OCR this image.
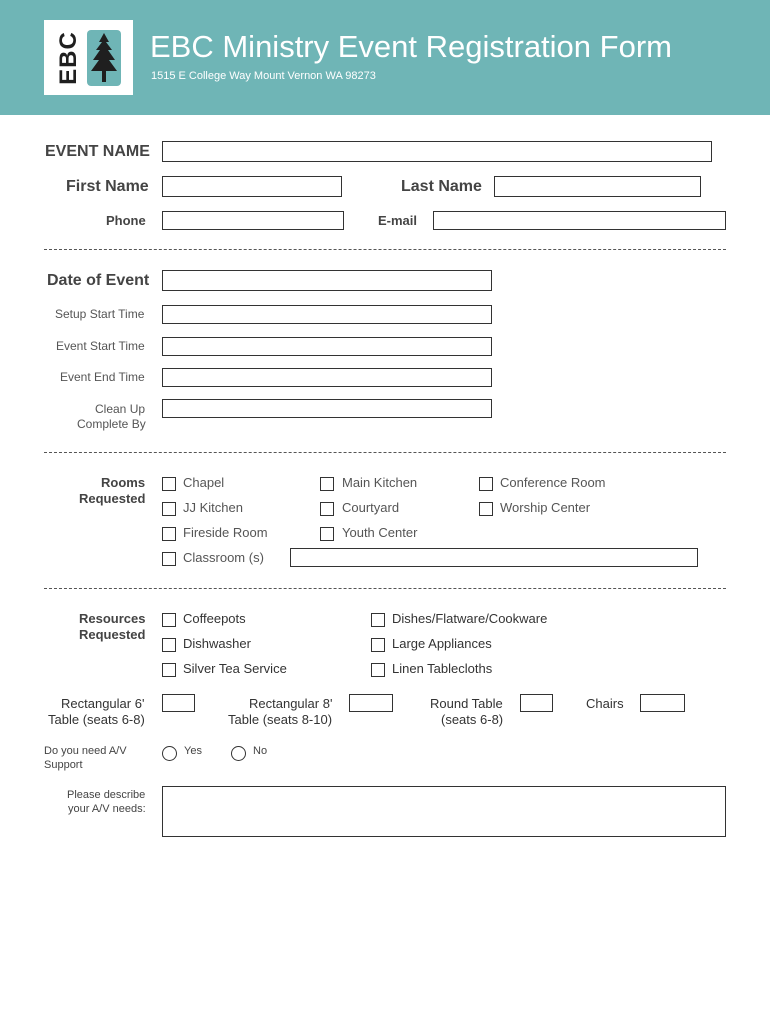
EBC EBC Ministry Event Registration Form
1515 E College Way Mount Vernon WA 98273
EVENT NAME
First Name	Last Name
Phone	E-mail
Date of Event
Setup Start Time
Event Start Time
Event End Time
Clean Up
Complete By
Rooms
Requested
Chapel	Main Kitchen	Conference Room
JJ Kitchen	Courtyard	Worship Center
Fireside Room	Youth Center
Classroom (s)
Resources
Requested
Coffeepots	Dishes/Flatware/Cookware
Dishwasher	Large Appliances
Silver Tea Service	Linen Tablecloths
Rectangular 6'
Table (seats 6-8)
Rectangular 8'
Table (seats 8-10)
Round Table
(seats 6-8)
Chairs
Do you need A/V
Support
Yes	No
Please describe
your A/V needs:
